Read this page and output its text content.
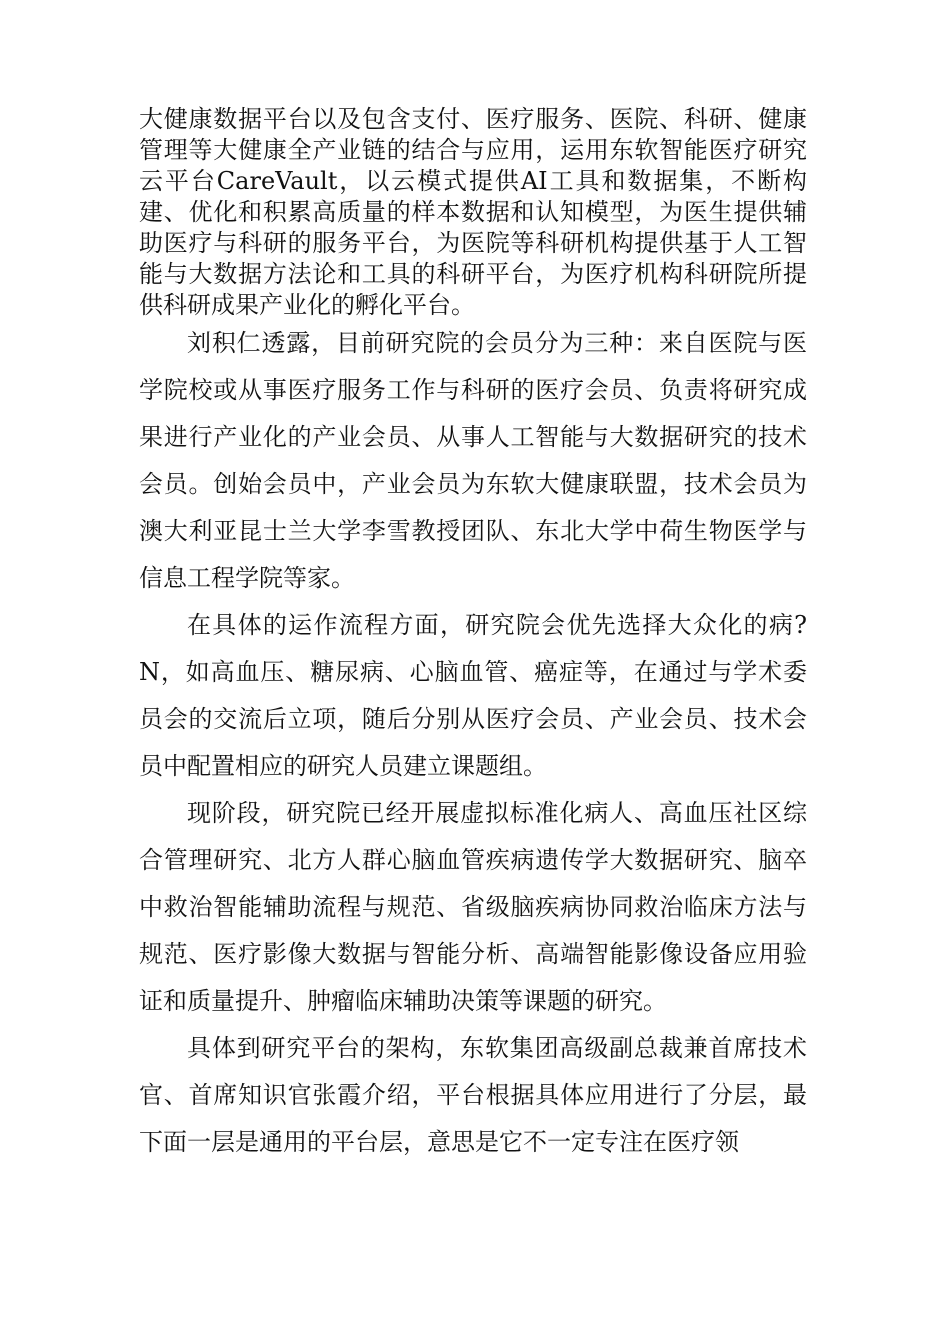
大健康数据平台以及包含支付、医疗服务、医院、科研、健康管理等大健康全产业链的结合与应用，运用东软智能医疗研究云平台CareVault，以云模式提供AI工具和数据集，不断构建、优化和积累高质量的样本数据和认知模型，为医生提供辅助医疗与科研的服务平台，为医院等科研机构提供基于人工智能与大数据方法论和工具的科研平台，为医疗机构科研院所提供科研成果产业化的孵化平台。

刘积仁透露，目前研究院的会员分为三种：来自医院与医学院校或从事医疗服务工作与科研的医疗会员、负责将研究成果进行产业化的产业会员、从事人工智能与大数据研究的技术会员。创始会员中，产业会员为东软大健康联盟，技术会员为澳大利亚昆士兰大学李雪教授团队、东北大学中荷生物医学与信息工程学院等家。

在具体的运作流程方面，研究院会优先选择大众化的病?N，如高血压、糖尿病、心脑血管、癌症等，在通过与学术委员会的交流后立项，随后分别从医疗会员、产业会员、技术会员中配置相应的研究人员建立课题组。

现阶段，研究院已经开展虚拟标准化病人、高血压社区综合管理研究、北方人群心脑血管疾病遗传学大数据研究、脑卒中救治智能辅助流程与规范、省级脑疾病协同救治临床方法与规范、医疗影像大数据与智能分析、高端智能影像设备应用验证和质量提升、肿瘤临床辅助决策等课题的研究。

具体到研究平台的架构，东软集团高级副总裁兼首席技术官、首席知识官张霞介绍，平台根据具体应用进行了分层，最下面一层是通用的平台层，意思是它不一定专注在医疗领
